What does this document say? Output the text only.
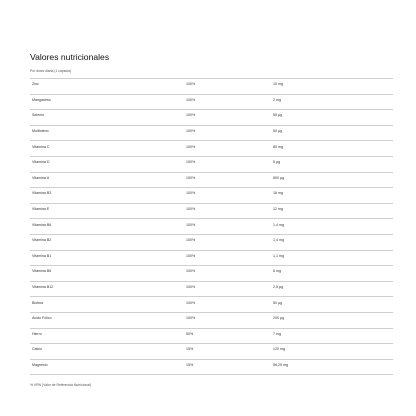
Valores nutricionales
Por dosis diaria (1 cápsula)
Zinc	100%	10 mg
Manganeso	100%	2 mg
Selenio	100%	55 µg
Molibdeno	100%	50 µg
Vitamina C	100%	80 mg
Vitamina D	100%	5 µg
Vitamina A	100%	800 µg
Vitamina B3	100%	16 mg
Vitamina E	100%	12 mg
Vitamina B6	100%	1,4 mg
Vitamina B2	100%	1,4 mg
Vitamina B1	100%	1,1 mg
Vitamina B5	100%	6 mg
Vitamina B12	100%	2,5 µg
Biotina	100%	50 µg
Ácido Fólico	100%	200 µg
Hierro	50%	7 mg
Calcio	15%	120 mg
Magnesio	15%	56,25 mg
% VRN (Valor de Referencia Nutricional)
